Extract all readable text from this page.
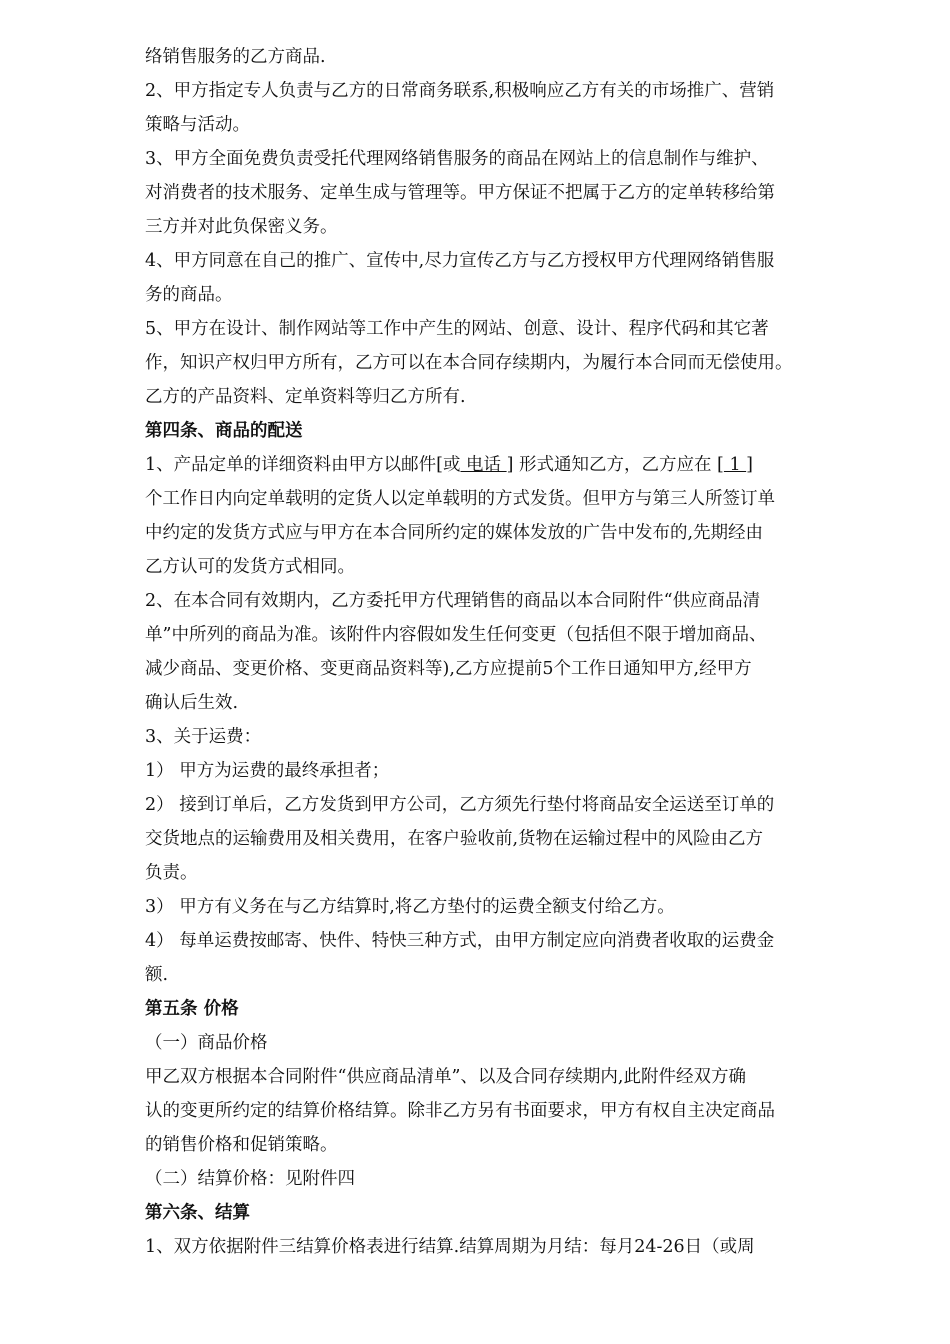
络销售服务的乙方商品.
2、甲方指定专人负责与乙方的日常商务联系,积极响应乙方有关的市场推广、营销
策略与活动。
3、甲方全面免费负责受托代理网络销售服务的商品在网站上的信息制作与维护、
对消费者的技术服务、定单生成与管理等。甲方保证不把属于乙方的定单转移给第
三方并对此负保密义务。
4、甲方同意在自己的推广、宣传中,尽力宣传乙方与乙方授权甲方代理网络销售服
务的商品。
5、甲方在设计、制作网站等工作中产生的网站、创意、设计、程序代码和其它著
作，知识产权归甲方所有，乙方可以在本合同存续期内，为履行本合同而无偿使用。
乙方的产品资料、定单资料等归乙方所有.
第四条、商品的配送
1、产品定单的详细资料由甲方以邮件[或 电话 ] 形式通知乙方，乙方应在 [ 1 ]
个工作日内向定单载明的定货人以定单载明的方式发货。但甲方与第三人所签订单
中约定的发货方式应与甲方在本合同所约定的媒体发放的广告中发布的,先期经由
乙方认可的发货方式相同。
2、在本合同有效期内，乙方委托甲方代理销售的商品以本合同附件“供应商品清
单”中所列的商品为准。该附件内容假如发生任何变更（包括但不限于增加商品、
减少商品、变更价格、变更商品资料等),乙方应提前5个工作日通知甲方,经甲方
确认后生效.
3、关于运费：
1） 甲方为运费的最终承担者；
2） 接到订单后，乙方发货到甲方公司，乙方须先行垫付将商品安全运送至订单的
交货地点的运输费用及相关费用，在客户验收前,货物在运输过程中的风险由乙方
负责。
3） 甲方有义务在与乙方结算时,将乙方垫付的运费全额支付给乙方。
4） 每单运费按邮寄、快件、特快三种方式，由甲方制定应向消费者收取的运费金
额.
第五条 价格
（一）商品价格
甲乙双方根据本合同附件“供应商品清单”、以及合同存续期内,此附件经双方确
认的变更所约定的结算价格结算。除非乙方另有书面要求，甲方有权自主决定商品
的销售价格和促销策略。
（二）结算价格：见附件四
第六条、结算
1、双方依据附件三结算价格表进行结算.结算周期为月结：每月24-26日（或周
